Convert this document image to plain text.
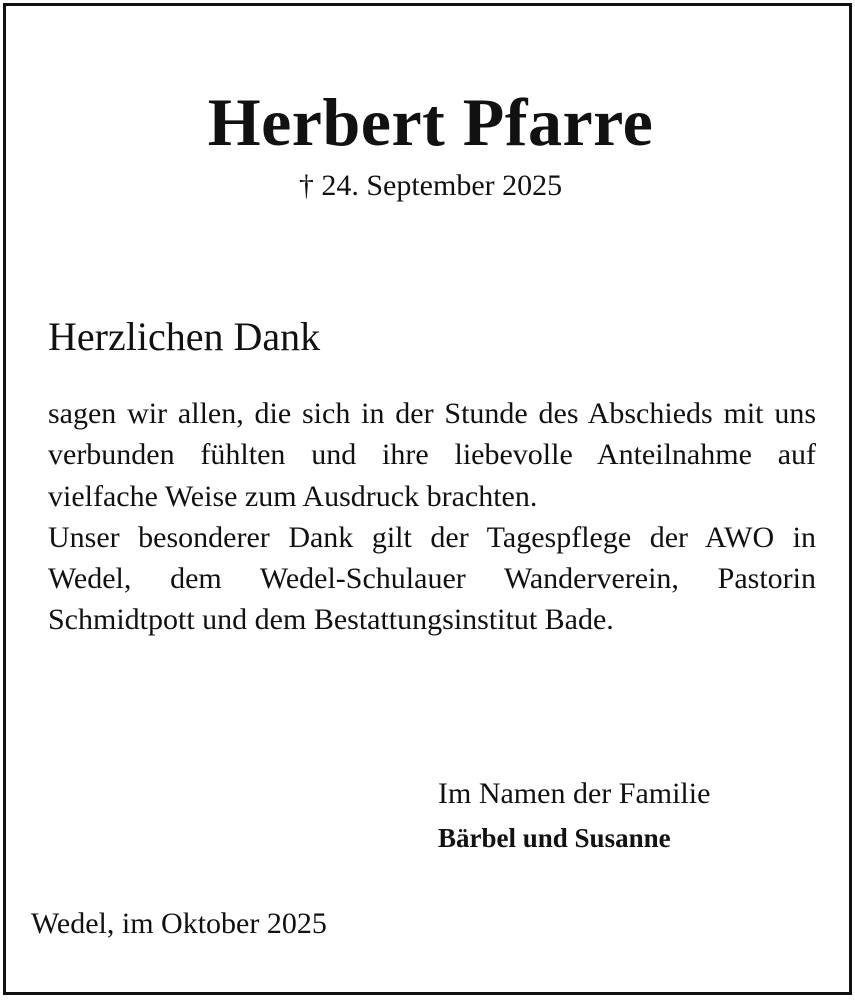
Herbert Pfarre
† 24. September 2025
Herzlichen Dank

sagen wir allen, die sich in der Stunde des Abschieds mit uns verbunden fühlten und ihre liebevolle Anteilnahme auf vielfache Weise zum Ausdruck brachten.

Unser besonderer Dank gilt der Tagespflege der AWO in Wedel, dem Wedel-Schulauer Wanderverein, Pastorin Schmidtpott und dem Bestattungsinstitut Bade.

Im Namen der Familie
Bärbel und Susanne
Wedel, im Oktober 2025
